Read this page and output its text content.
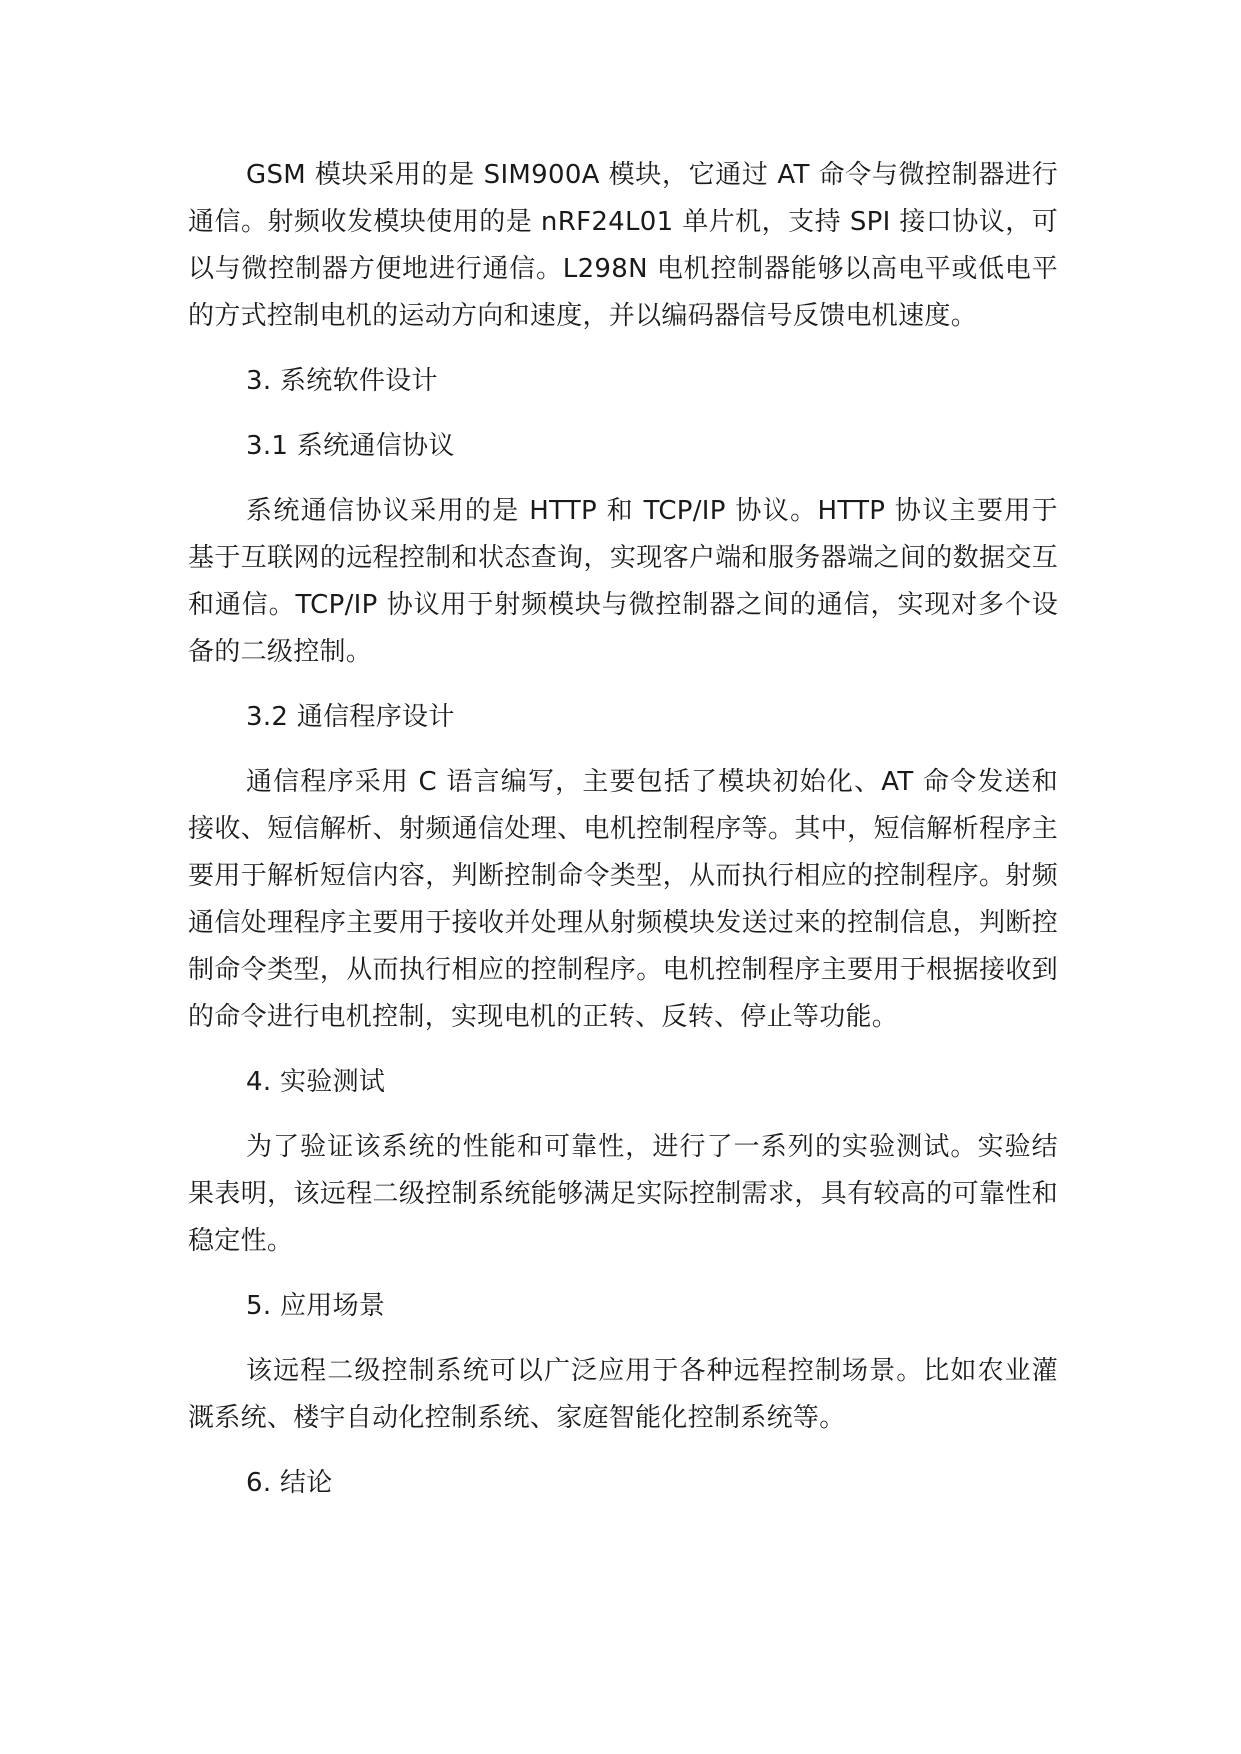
GSM 模块采用的是 SIM900A 模块，它通过 AT 命令与微控制器进行通信。射频收发模块使用的是 nRF24L01 单片机，支持 SPI 接口协议，可以与微控制器方便地进行通信。L298N 电机控制器能够以高电平或低电平的方式控制电机的运动方向和速度，并以编码器信号反馈电机速度。

3. 系统软件设计

3.1 系统通信协议

系统通信协议采用的是 HTTP 和 TCP/IP 协议。HTTP 协议主要用于基于互联网的远程控制和状态查询，实现客户端和服务器端之间的数据交互和通信。TCP/IP 协议用于射频模块与微控制器之间的通信，实现对多个设备的二级控制。

3.2 通信程序设计

通信程序采用 C 语言编写，主要包括了模块初始化、AT 命令发送和接收、短信解析、射频通信处理、电机控制程序等。其中，短信解析程序主要用于解析短信内容，判断控制命令类型，从而执行相应的控制程序。射频通信处理程序主要用于接收并处理从射频模块发送过来的控制信息，判断控制命令类型，从而执行相应的控制程序。电机控制程序主要用于根据接收到的命令进行电机控制，实现电机的正转、反转、停止等功能。

4. 实验测试

为了验证该系统的性能和可靠性，进行了一系列的实验测试。实验结果表明，该远程二级控制系统能够满足实际控制需求，具有较高的可靠性和稳定性。

5. 应用场景

该远程二级控制系统可以广泛应用于各种远程控制场景。比如农业灌溉系统、楼宇自动化控制系统、家庭智能化控制系统等。

6. 结论
